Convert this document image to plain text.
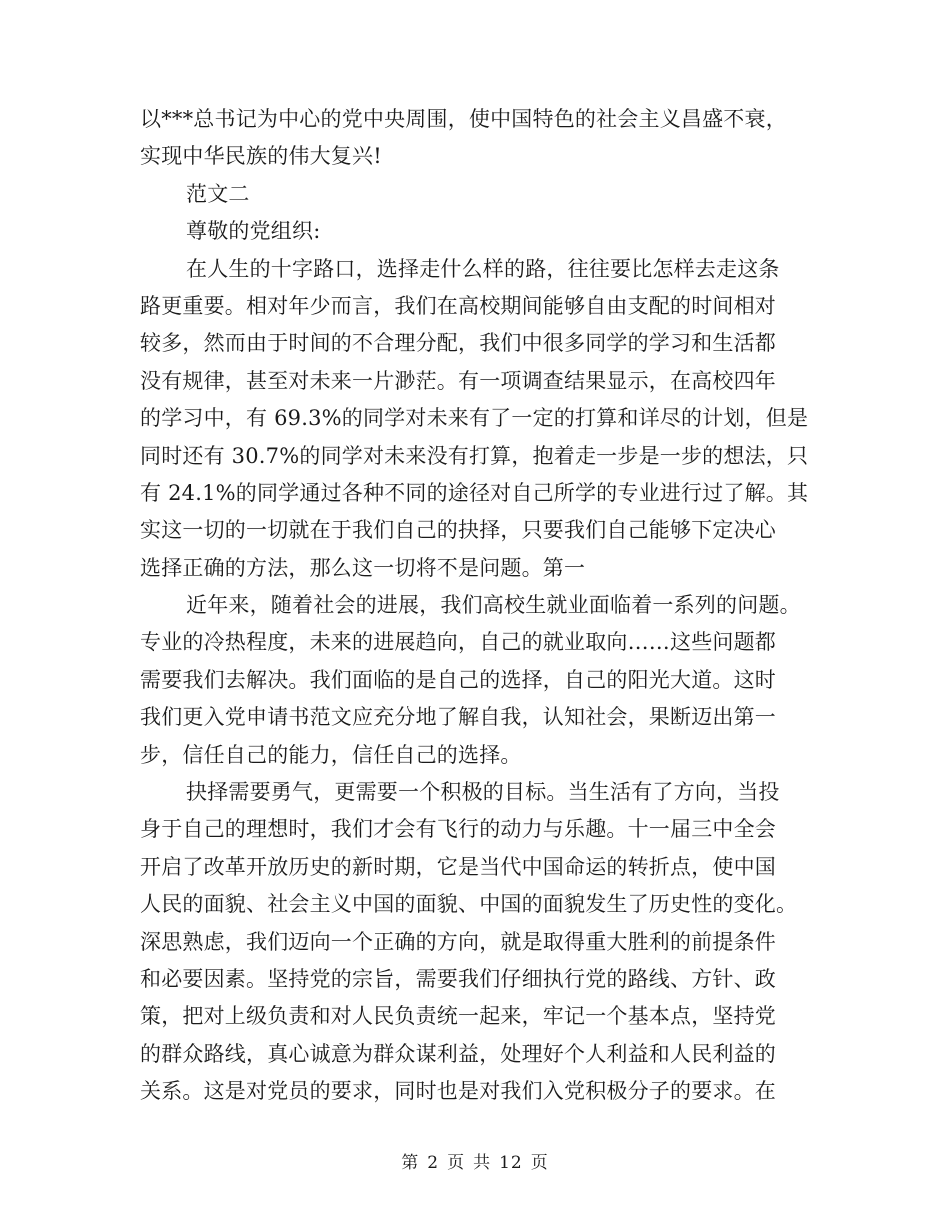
以***总书记为中心的党中央周围，使中国特色的社会主义昌盛不衰，
实现中华民族的伟大复兴!
范文二
尊敬的党组织:
在人生的十字路口，选择走什么样的路，往往要比怎样去走这条
路更重要。相对年少而言，我们在高校期间能够自由支配的时间相对
较多，然而由于时间的不合理分配，我们中很多同学的学习和生活都
没有规律，甚至对未来一片渺茫。有一项调查结果显示，在高校四年
的学习中，有 69.3%的同学对未来有了一定的打算和详尽的计划，但是
同时还有 30.7%的同学对未来没有打算，抱着走一步是一步的想法，只
有 24.1%的同学通过各种不同的途径对自己所学的专业进行过了解。其
实这一切的一切就在于我们自己的抉择，只要我们自己能够下定决心
选择正确的方法，那么这一切将不是问题。第一
近年来，随着社会的进展，我们高校生就业面临着一系列的问题。
专业的冷热程度，未来的进展趋向，自己的就业取向……这些问题都
需要我们去解决。我们面临的是自己的选择，自己的阳光大道。这时
我们更入党申请书范文应充分地了解自我，认知社会，果断迈出第一
步，信任自己的能力，信任自己的选择。
抉择需要勇气，更需要一个积极的目标。当生活有了方向，当投
身于自己的理想时，我们才会有飞行的动力与乐趣。十一届三中全会
开启了改革开放历史的新时期，它是当代中国命运的转折点，使中国
人民的面貌、社会主义中国的面貌、中国的面貌发生了历史性的变化。
深思熟虑，我们迈向一个正确的方向，就是取得重大胜利的前提条件
和必要因素。坚持党的宗旨，需要我们仔细执行党的路线、方针、政
策，把对上级负责和对人民负责统一起来，牢记一个基本点，坚持党
的群众路线，真心诚意为群众谋利益，处理好个人利益和人民利益的
关系。这是对党员的要求，同时也是对我们入党积极分子的要求。在
第 2 页 共 12 页
